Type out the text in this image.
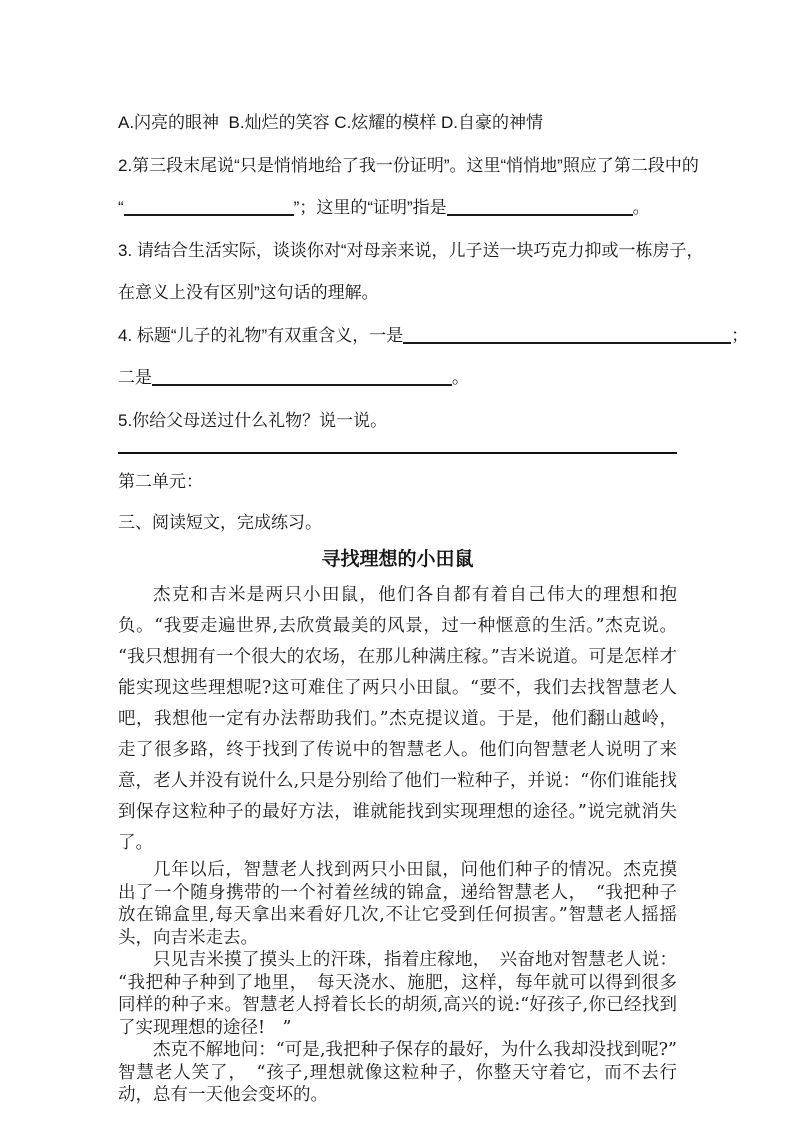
A.闪亮的眼神  B.灿烂的笑容 C.炫耀的模样 D.自豪的神情
2.第三段末尾说“只是悄悄地给了我一份证明”。这里“悄悄地”照应了第二段中的
“	”；这里的“证明”指是	。
3. 请结合生活实际，谈谈你对“对母亲来说，儿子送一块巧克力抑或一栋房子，
在意义上没有区别”这句话的理解。
4. 标题“儿子的礼物”有双重含义，一是	；
二是	。
5.你给父母送过什么礼物？说一说。
第二单元：
三、阅读短文，完成练习。
寻找理想的小田鼠

杰克和吉米是两只小田鼠，他们各自都有着自己伟大的理想和抱负。“我要走遍世界,去欣赏最美的风景，过一种惬意的生活。”杰克说。“我只想拥有一个很大的农场，在那儿种满庄稼。”吉米说道。可是怎样才能实现这些理想呢?这可难住了两只小田鼠。“要不，我们去找智慧老人吧，我想他一定有办法帮助我们。”杰克提议道。于是，他们翻山越岭，走了很多路，终于找到了传说中的智慧老人。他们向智慧老人说明了来意，老人并没有说什么,只是分别给了他们一粒种子，并说：“你们谁能找到保存这粒种子的最好方法，谁就能找到实现理想的途径。”说完就消失了。

几年以后，智慧老人找到两只小田鼠，问他们种子的情况。杰克摸出了一个随身携带的一个衬着丝绒的锦盒，递给智慧老人，　“我把种子放在锦盒里,每天拿出来看好几次,不让它受到任何损害。”智慧老人摇摇头，向吉米走去。

只见吉米摸了摸头上的汗珠，指着庄稼地，　兴奋地对智慧老人说：“我把种子种到了地里，　每天浇水、施肥，这样，每年就可以得到很多同样的种子来。智慧老人捋着长长的胡须,高兴的说:“好孩子,你已经找到了实现理想的途径!　”

杰克不解地问：“可是,我把种子保存的最好，为什么我却没找到呢?”智慧老人笑了，　“孩子,理想就像这粒种子，你整天守着它，而不去行动，总有一天他会变坏的。
